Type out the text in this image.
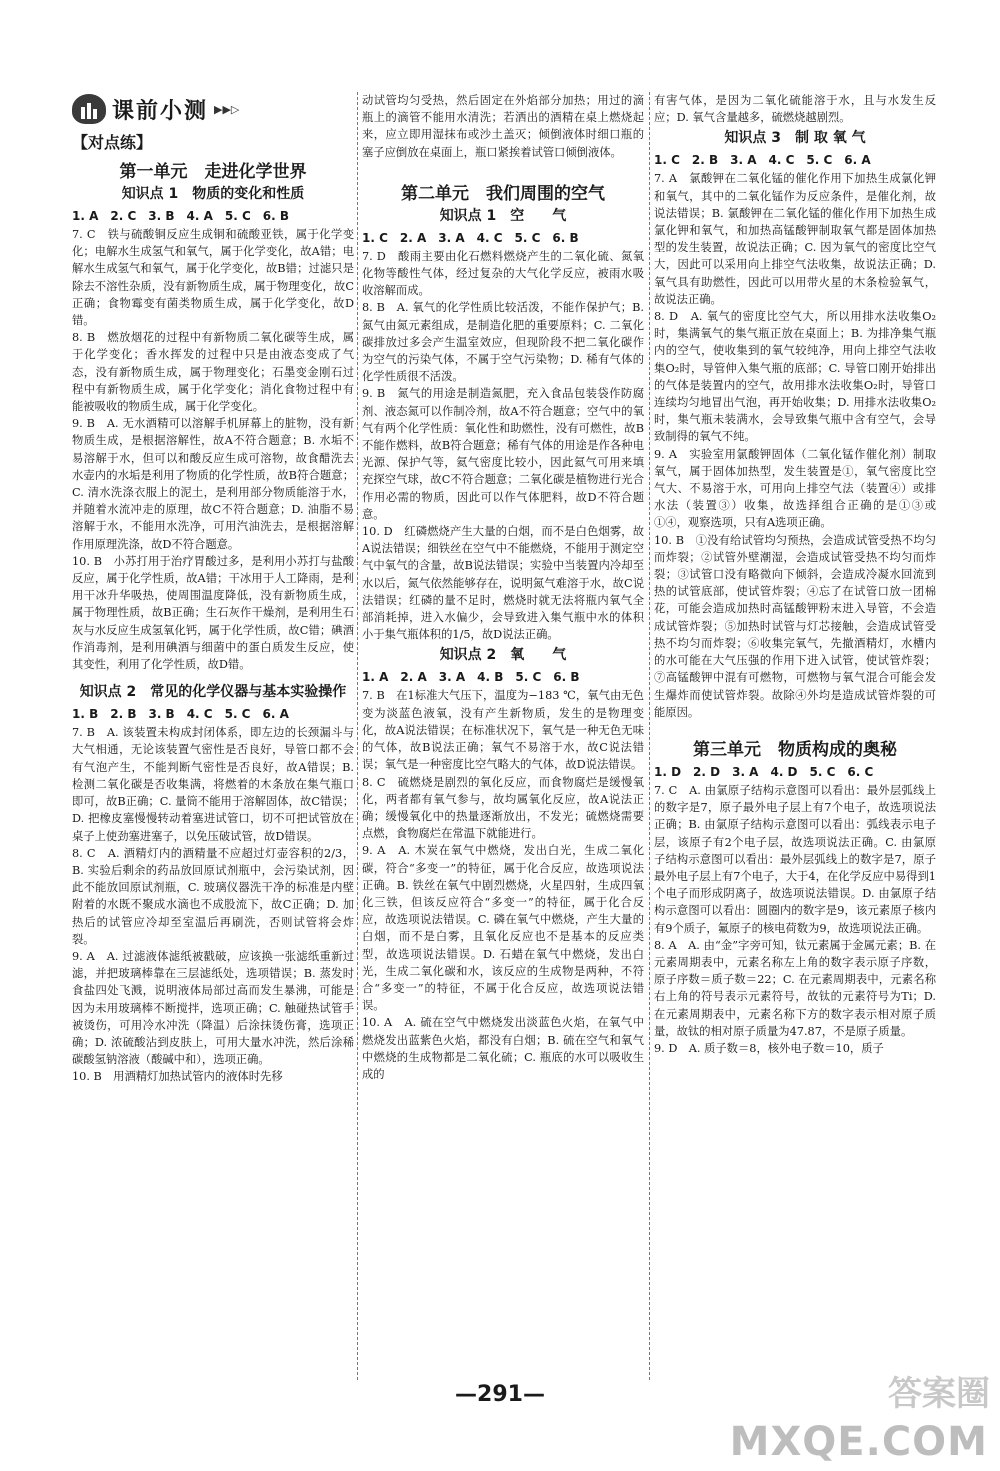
课前小测 ▶▶▷
【对点练】
第一单元　走进化学世界
知识点 1　物质的变化和性质
1. A　2. C　3. B　4. A　5. C　6. B

7. C　铁与硫酸铜反应生成铜和硫酸亚铁，属于化学变化；电解水生成氢气和氧气，属于化学变化，故A错；电解水生成氢气和氧气，属于化学变化，故B错；过滤只是除去不溶性杂质，没有新物质生成，属于物理变化，故C正确；食物霉变有菌类物质生成，属于化学变化，故D错。

8. B　燃放烟花的过程中有新物质二氧化碳等生成，属于化学变化；香水挥发的过程中只是由液态变成了气态，没有新物质生成，属于物理变化；石墨变金刚石过程中有新物质生成，属于化学变化；消化食物过程中有能被吸收的物质生成，属于化学变化。

9. B　A. 无水酒精可以溶解手机屏幕上的脏物，没有新物质生成，是根据溶解性，故A不符合题意；B. 水垢不易溶解于水，但可以和酸反应生成可溶物，故食醋洗去水壶内的水垢是利用了物质的化学性质，故B符合题意；C. 清水洗涤衣服上的泥土，是利用部分物质能溶于水，并随着水流冲走的原理，故C不符合题意；D. 油脂不易溶解于水，不能用水洗净，可用汽油洗去，是根据溶解作用原理洗涤，故D不符合题意。

10. B　小苏打用于治疗胃酸过多，是利用小苏打与盐酸反应，属于化学性质，故A错；干冰用于人工降雨，是利用干冰升华吸热，使周围温度降低，没有新物质生成，属于物理性质，故B正确；生石灰作干燥剂，是利用生石灰与水反应生成氢氧化钙，属于化学性质，故C错；碘酒作消毒剂，是利用碘酒与细菌中的蛋白质发生反应，使其变性，利用了化学性质，故D错。

知识点 2　常见的化学仪器与基本实验操作
1. B　2. B　3. B　4. C　5. C　6. A

7. B　A. 该装置未构成封闭体系，即左边的长颈漏斗与大气相通，无论该装置气密性是否良好，导管口都不会有气泡产生，不能判断气密性是否良好，故A错误；B. 检测二氧化碳是否收集满，将燃着的木条放在集气瓶口即可，故B正确；C. 量筒不能用于溶解固体，故C错误；D. 把橡皮塞慢慢转动着塞进试管口，切不可把试管放在桌子上使劲塞进塞子，以免压破试管，故D错误。

8. C　A. 酒精灯内的酒精量不应超过灯壶容积的2/3，B. 实验后剩余的药品放回原试剂瓶中，会污染试剂，因此不能放回原试剂瓶，C. 玻璃仪器洗干净的标准是内壁附着的水既不聚成水滴也不成股流下，故C正确；D. 加热后的试管应冷却至室温后再刷洗，否则试管将会炸裂。

9. A　A. 过滤液体滤纸被戳破，应该换一张滤纸重新过滤，并把玻璃棒靠在三层滤纸处，选项错误；B. 蒸发时食盐四处飞溅，说明液体局部过高而发生暴沸，可能是因为未用玻璃棒不断搅拌，选项正确；C. 触碰热试管手被烫伤，可用冷水冲洗（降温）后涂抹烫伤膏，选项正确；D. 浓硫酸沾到皮肤上，可用大量水冲洗，然后涂稀碳酸氢钠溶液（酸碱中和），选项正确。

10. B　用酒精灯加热试管内的液体时先移

动试管均匀受热，然后固定在外焰部分加热；用过的滴瓶上的滴管不能用水清洗；若洒出的酒精在桌上燃烧起来，应立即用湿抹布或沙土盖灭；倾倒液体时细口瓶的塞子应倒放在桌面上，瓶口紧挨着试管口倾倒液体。

第二单元　我们周围的空气
知识点 1　空　　气
1. C　2. A　3. A　4. C　5. C　6. B

7. D　酸雨主要由化石燃料燃烧产生的二氧化硫、氮氧化物等酸性气体，经过复杂的大气化学反应，被雨水吸收溶解而成。

8. B　A. 氧气的化学性质比较活泼，不能作保护气；B. 氮气由氮元素组成，是制造化肥的重要原料；C. 二氧化碳排放过多会产生温室效应，但现阶段不把二氧化碳作为空气的污染气体，不属于空气污染物；D. 稀有气体的化学性质很不活泼。

9. B　氮气的用途是制造氮肥，充入食品包装袋作防腐剂、液态氮可以作制冷剂，故A不符合题意；空气中的氧气有两个化学性质：氧化性和助燃性，没有可燃性，故B不能作燃料，故B符合题意；稀有气体的用途是作各种电光源、保护气等，氦气密度比较小，因此氦气可用来填充探空气球，故C不符合题意；二氧化碳是植物进行光合作用必需的物质，因此可以作气体肥料，故D不符合题意。

10. D　红磷燃烧产生大量的白烟，而不是白色烟雾，故A说法错误；细铁丝在空气中不能燃烧，不能用于测定空气中氧气的含量，故B说法错误；实验中当装置内冷却至水以后，氮气依然能够存在，说明氮气难溶于水，故C说法错误；红磷的量不足时，燃烧时就无法将瓶内氧气全部消耗掉，进入水偏少，会导致进入集气瓶中水的体积小于集气瓶体积的1/5，故D说法正确。

知识点 2　氧　　气
1. A　2. A　3. A　4. B　5. C　6. B

7. B　在1标准大气压下，温度为−183 ℃，氧气由无色变为淡蓝色液氧，没有产生新物质，发生的是物理变化，故A说法错误；在标准状况下，氧气是一种无色无味的气体，故B说法正确；氧气不易溶于水，故C说法错误；氧气是一种密度比空气略大的气体，故D说法错误。

8. C　硫燃烧是剧烈的氧化反应，而食物腐烂是缓慢氧化，两者都有氧气参与，故均属氧化反应，故A说法正确；缓慢氧化中的热量逐渐放出，不发光；硫燃烧需要点燃，食物腐烂在常温下就能进行。

9. A　A. 木炭在氧气中燃烧，发出白光，生成二氧化碳，符合“多变一”的特征，属于化合反应，故选项说法正确。B. 铁丝在氧气中剧烈燃烧，火星四射，生成四氧化三铁，但该反应符合“多变一”的特征，属于化合反应，故选项说法错误。C. 磷在氧气中燃烧，产生大量的白烟，而不是白雾，且氧化反应也不是基本的反应类型，故选项说法错误。D. 石蜡在氧气中燃烧，发出白光，生成二氧化碳和水，该反应的生成物是两种，不符合“多变一”的特征，不属于化合反应，故选项说法错误。

10. A　A. 硫在空气中燃烧发出淡蓝色火焰，在氧气中燃烧发出蓝紫色火焰，都没有白烟；B. 硫在空气和氧气中燃烧的生成物都是二氧化硫；C. 瓶底的水可以吸收生成的

有害气体，是因为二氧化硫能溶于水，且与水发生反应；D. 氧气含量越多，硫燃烧越剧烈。

知识点 3　制 取 氧 气
1. C　2. B　3. A　4. C　5. C　6. A

7. A　氯酸钾在二氧化锰的催化作用下加热生成氯化钾和氧气，其中的二氧化锰作为反应条件，是催化剂，故说法错误；B. 氯酸钾在二氧化锰的催化作用下加热生成氯化钾和氧气，和加热高锰酸钾制取氧气都是固体加热型的发生装置，故说法正确；C. 因为氧气的密度比空气大，因此可以采用向上排空气法收集，故说法正确；D. 氧气具有助燃性，因此可以用带火星的木条检验氧气，故说法正确。

8. D　A. 氧气的密度比空气大，所以用排水法收集O₂时，集满氧气的集气瓶正放在桌面上；B. 为排净集气瓶内的空气，使收集到的氧气较纯净，用向上排空气法收集O₂时，导管伸入集气瓶的底部；C. 导管口刚开始排出的气体是装置内的空气，故用排水法收集O₂时，导管口连续均匀地冒出气泡，再开始收集；D. 用排水法收集O₂时，集气瓶未装满水，会导致集气瓶中含有空气，会导致制得的氧气不纯。

9. A　实验室用氯酸钾固体（二氧化锰作催化剂）制取氧气，属于固体加热型，发生装置是①，氧气密度比空气大、不易溶于水，可用向上排空气法（装置④）或排水法（装置③）收集，故选择组合正确的是①③或①④，观察选项，只有A选项正确。

10. B　①没有给试管均匀预热，会造成试管受热不均匀而炸裂；②试管外壁潮湿，会造成试管受热不均匀而炸裂；③试管口没有略微向下倾斜，会造成冷凝水回流到热的试管底部，使试管炸裂；④忘了在试管口放一团棉花，可能会造成加热时高锰酸钾粉末进入导管，不会造成试管炸裂；⑤加热时试管与灯芯接触，会造成试管受热不均匀而炸裂；⑥收集完氧气，先撤酒精灯，水槽内的水可能在大气压强的作用下进入试管，使试管炸裂；⑦高锰酸钾中混有可燃物，可燃物与氧气混合可能会发生爆炸而使试管炸裂。故除④外均是造成试管炸裂的可能原因。

第三单元　物质构成的奥秘
1. D　2. D　3. A　4. D　5. C　6. C

7. C　A. 由氯原子结构示意图可以看出：最外层弧线上的数字是7，原子最外电子层上有7个电子，故选项说法正确；B. 由氯原子结构示意图可以看出：弧线表示电子层，该原子有2个电子层，故选项说法正确。C. 由氯原子结构示意图可以看出：最外层弧线上的数字是7，原子最外电子层上有7个电子，大于4，在化学反应中易得到1个电子而形成阴离子，故选项说法错误。D. 由氯原子结构示意图可以看出：圆圈内的数字是9，该元素原子核内有9个质子，氟原子的核电荷数为9，故选项说法正确。

8. A　A. 由“金”字旁可知，钛元素属于金属元素；B. 在元素周期表中，元素名称左上角的数字表示原子序数，原子序数＝质子数＝22；C. 在元素周期表中，元素名称右上角的符号表示元素符号，故钛的元素符号为Ti；D. 在元素周期表中，元素名称下方的数字表示相对原子质量，故钛的相对原子质量为47.87，不是原子质量。

9. D　A. 质子数＝8，核外电子数＝10，质子

—291—	答案圈
MXQE.COM
